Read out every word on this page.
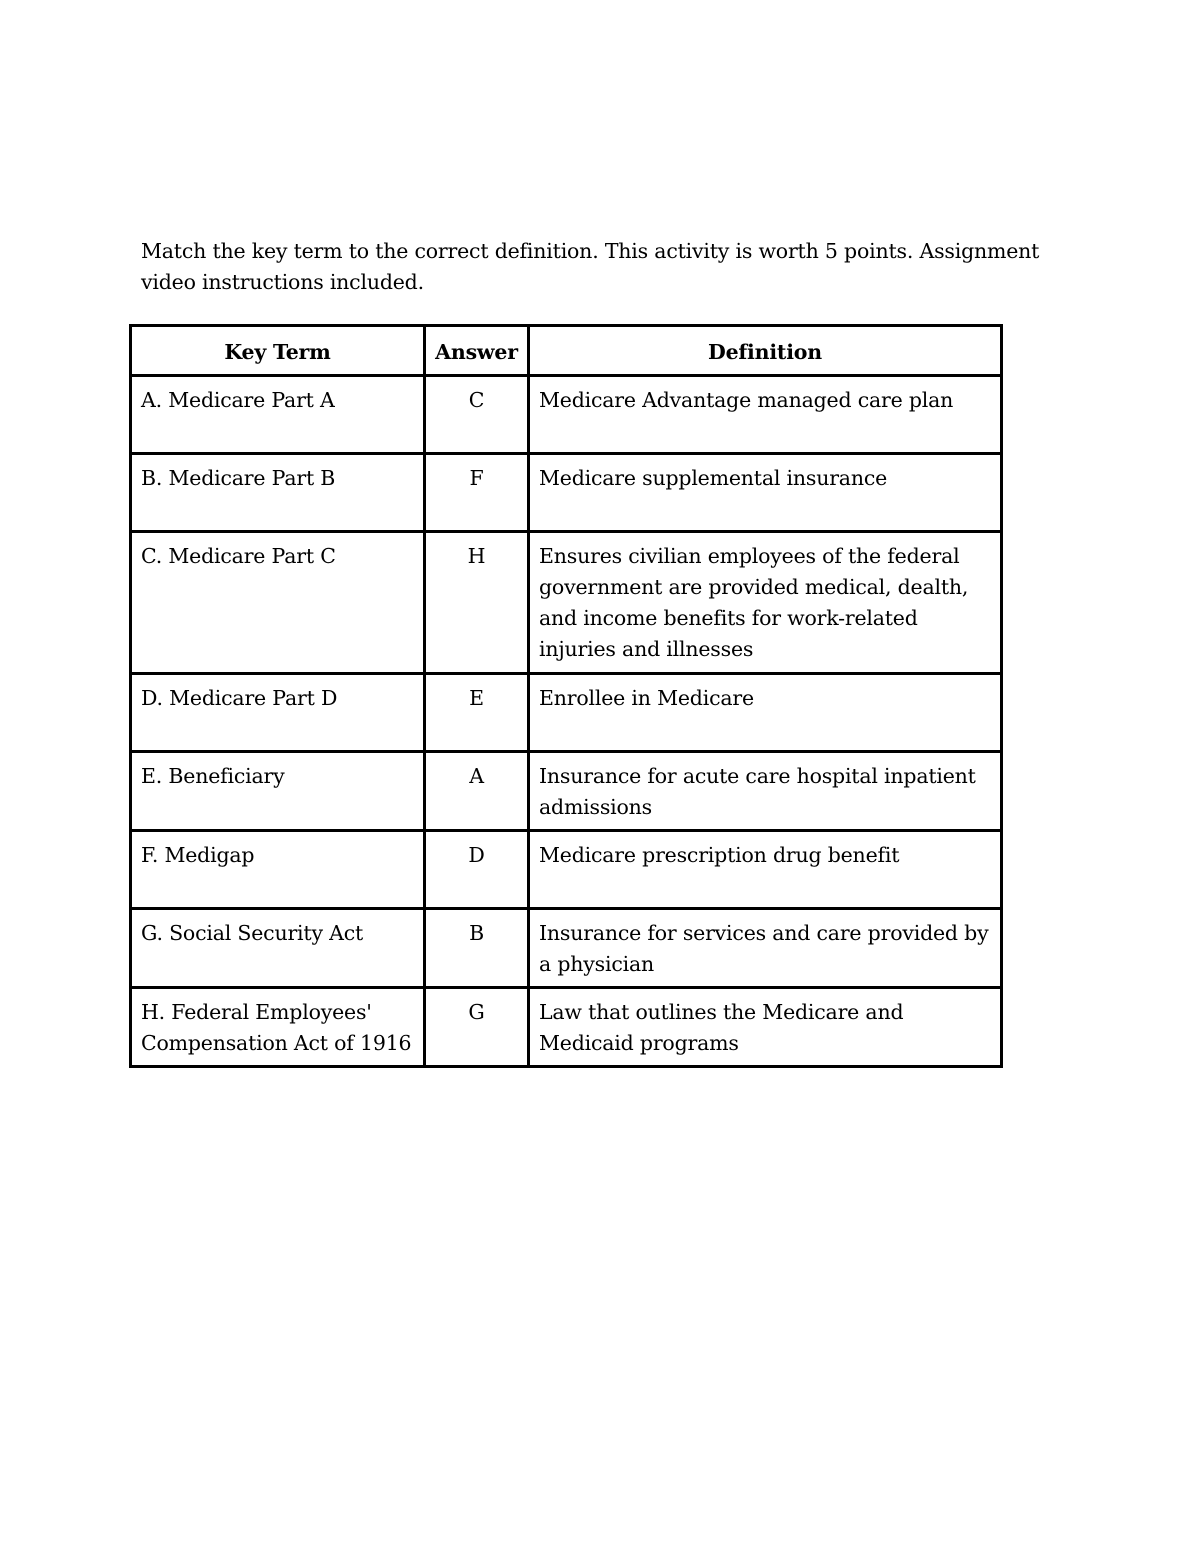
Match the key term to the correct definition. This activity is worth 5 points. Assignment video instructions included.

Key Term	Answer	Definition
A. Medicare Part A	C	Medicare Advantage managed care plan
B. Medicare Part B	F	Medicare supplemental insurance
C. Medicare Part C	H	Ensures civilian employees of the federal government are provided medical, dealth, and income benefits for work-related injuries and illnesses
D. Medicare Part D	E	Enrollee in Medicare
E. Beneficiary	A	Insurance for acute care hospital inpatient admissions
F. Medigap	D	Medicare prescription drug benefit
G. Social Security Act	B	Insurance for services and care provided by a physician
H. Federal Employees' Compensation Act of 1916	G	Law that outlines the Medicare and Medicaid programs
